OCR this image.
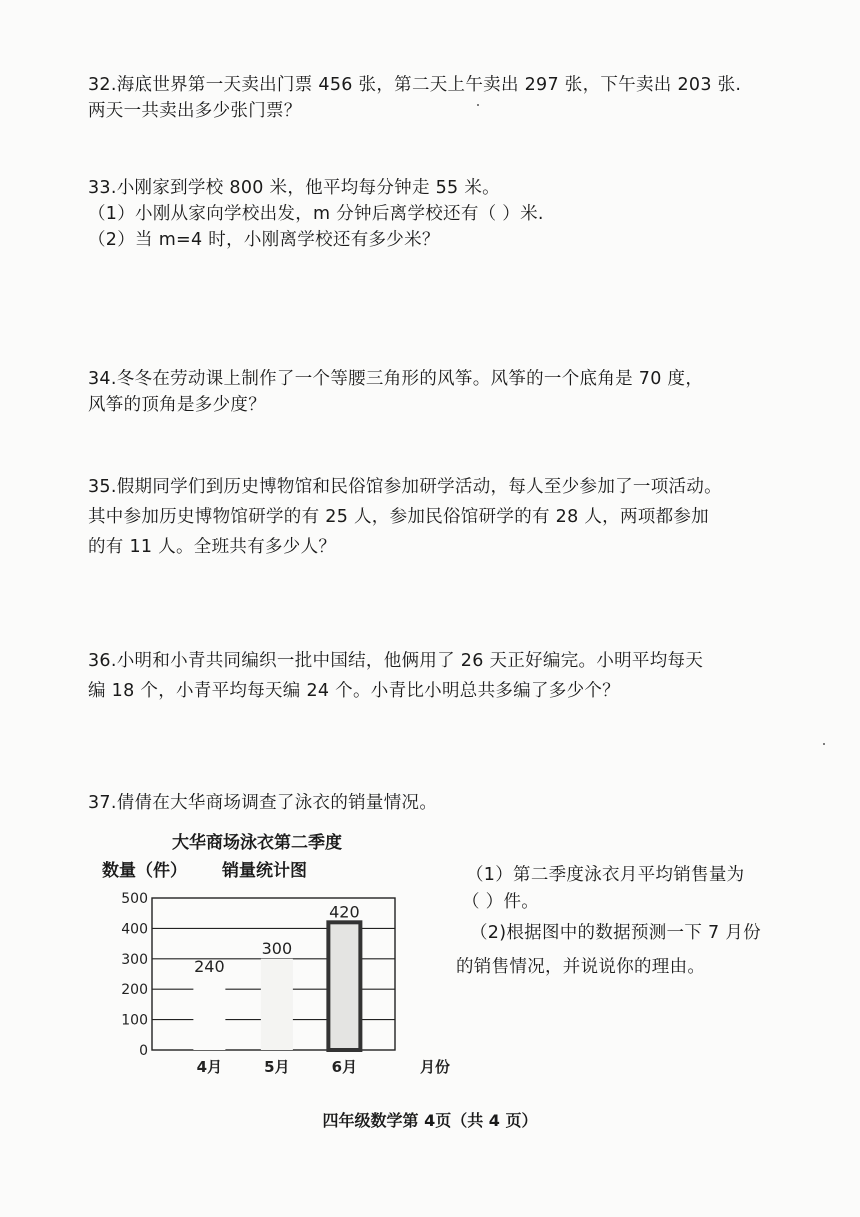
32.海底世界第一天卖出门票 456 张，第二天上午卖出 297 张，下午卖出 203 张.
两天一共卖出多少张门票？
33.小刚家到学校 800 米，他平均每分钟走 55 米。
（1）小刚从家向学校出发，m 分钟后离学校还有（ ）米.
（2）当 m=4 时，小刚离学校还有多少米？
34.冬冬在劳动课上制作了一个等腰三角形的风筝。风筝的一个底角是 70 度，
风筝的顶角是多少度？
35.假期同学们到历史博物馆和民俗馆参加研学活动，每人至少参加了一项活动。
其中参加历史博物馆研学的有 25 人，参加民俗馆研学的有 28 人，两项都参加
的有 11 人。全班共有多少人？
36.小明和小青共同编织一批中国结，他俩用了 26 天正好编完。小明平均每天
编 18 个，小青平均每天编 24 个。小青比小明总共多编了多少个？
37.倩倩在大华商场调查了泳衣的销量情况。
大华商场泳衣第二季度
数量（件） 销量统计图
0
100
200
300
400
500
240
4月
300
5月
420
6月	月份
（1）第二季度泳衣月平均销售量为
（ ）件。
（2)根据图中的数据预测一下 7 月份
的销售情况，并说说你的理由。
四年级数学第 4页（共 4 页）
